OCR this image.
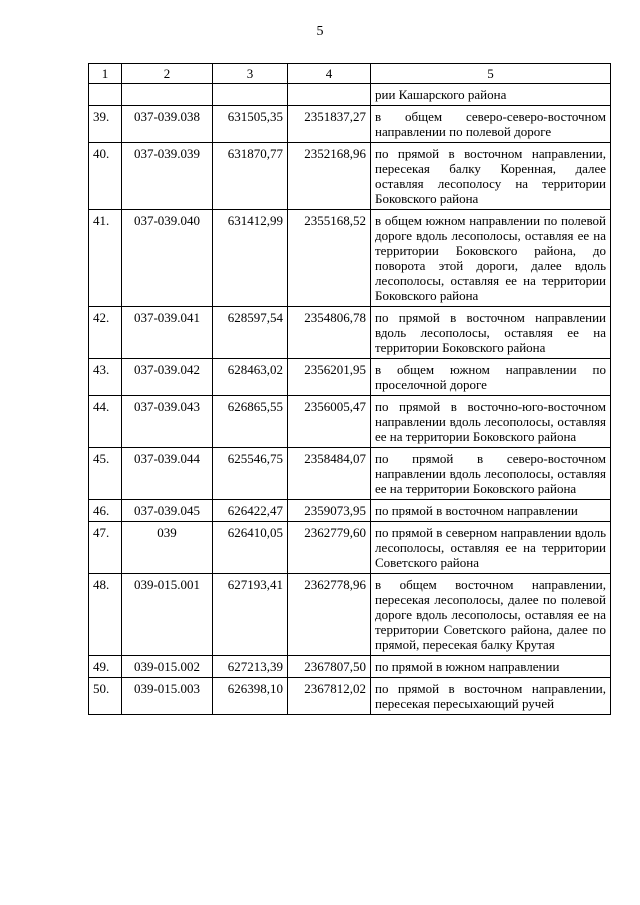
5
1	2	3	4	5
				рии Кашарского района
39.	037-039.038	631505,35	2351837,27	в общем северо-северо-восточном направлении по полевой дороге
40.	037-039.039	631870,77	2352168,96	по прямой в восточном направлении, пересекая балку Коренная, далее оставляя лесополосу на территории Боковского района
41.	037-039.040	631412,99	2355168,52	в общем южном направлении по полевой дороге вдоль лесополосы, оставляя ее на территории Боковского района, до поворота этой дороги, далее вдоль лесополосы, оставляя ее на территории Боковского района
42.	037-039.041	628597,54	2354806,78	по прямой в восточном направлении вдоль лесополосы, оставляя ее на территории Боковского района
43.	037-039.042	628463,02	2356201,95	в общем южном направлении по проселочной дороге
44.	037-039.043	626865,55	2356005,47	по прямой в восточно-юго-восточном направлении вдоль лесополосы, оставляя ее на территории Боковского района
45.	037-039.044	625546,75	2358484,07	по прямой в северо-восточном направлении вдоль лесополосы, оставляя ее на территории Боковского района
46.	037-039.045	626422,47	2359073,95	по прямой в восточном направлении
47.	039	626410,05	2362779,60	по прямой в северном направлении вдоль лесополосы, оставляя ее на территории Советского района
48.	039-015.001	627193,41	2362778,96	в общем восточном направлении, пересекая лесополосы, далее по полевой дороге вдоль лесополосы, оставляя ее на территории Советского района, далее по прямой, пересекая балку Крутая
49.	039-015.002	627213,39	2367807,50	по прямой в южном направлении
50.	039-015.003	626398,10	2367812,02	по прямой в восточном направлении, пересекая пересыхающий ручей
